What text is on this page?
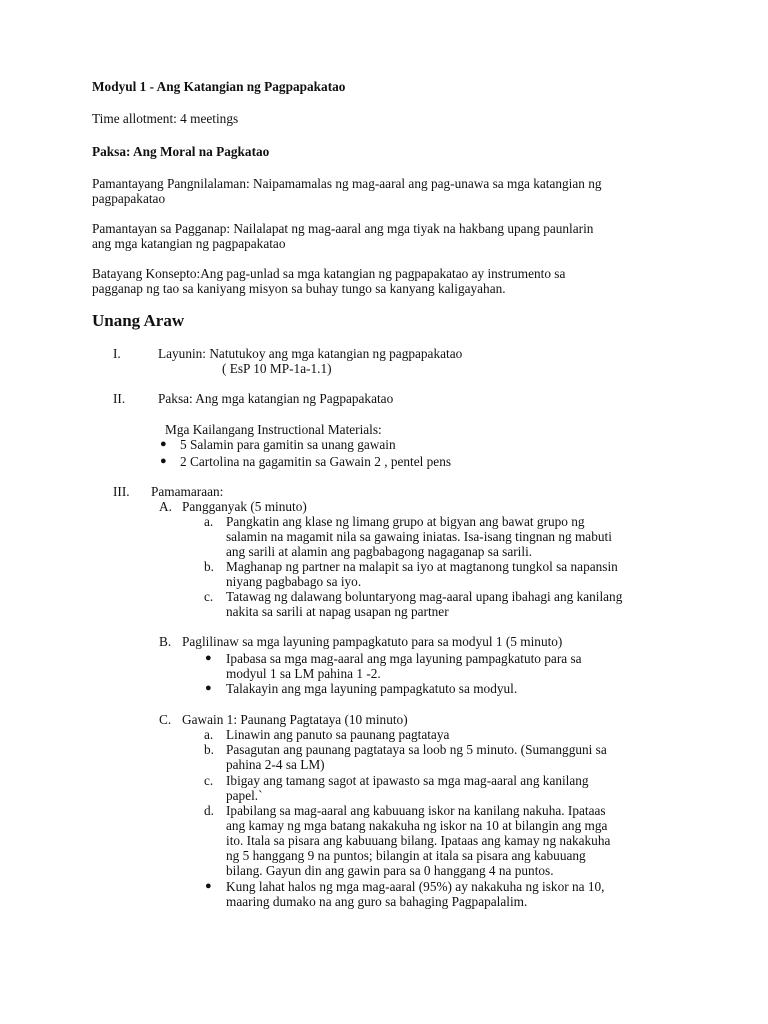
Modyul 1 - Ang Katangian ng Pagpapakatao
Time allotment: 4 meetings
Paksa: Ang Moral na Pagkatao
Pamantayang Pangnilalaman: Naipamamalas ng mag-aaral ang pag-unawa sa mga katangian ng
pagpapakatao
Pamantayan sa Pagganap: Nailalapat ng mag-aaral ang mga tiyak na hakbang upang paunlarin
ang mga katangian ng pagpapakatao
Batayang Konsepto:Ang pag-unlad sa mga katangian ng pagpapakatao ay instrumento sa
pagganap ng tao sa kaniyang misyon sa buhay tungo sa kanyang kaligayahan.
Unang Araw
I.	Layunin: Natutukoy ang mga katangian ng pagpapakatao
( EsP 10 MP-1a-1.1)
II. Paksa: Ang mga katangian ng Pagpapakatao
Mga Kailangang Instructional Materials:
● 5 Salamin para gamitin sa unang gawain
● 2 Cartolina na gagamitin sa Gawain 2 , pentel pens
III. Pamamaraan:
A. Pangganyak (5 minuto)
a. Pangkatin ang klase ng limang grupo at bigyan ang bawat grupo ng
salamin na magamit nila sa gawaing iniatas. Isa-isang tingnan ng mabuti
ang sarili at alamin ang pagbabagong nagaganap sa sarili.
b. Maghanap ng partner na malapit sa iyo at magtanong tungkol sa napansin
niyang pagbabago sa iyo.
c. Tatawag ng dalawang boluntaryong mag-aaral upang ibahagi ang kanilang
nakita sa sarili at napag usapan ng partner
B. Paglilinaw sa mga layuning pampagkatuto para sa modyul 1 (5 minuto)
● Ipabasa sa mga mag-aaral ang mga layuning pampagkatuto para sa
modyul 1 sa LM pahina 1 -2.
● Talakayin ang mga layuning pampagkatuto sa modyul.
C. Gawain 1: Paunang Pagtataya (10 minuto)
a. Linawin ang panuto sa paunang pagtataya
b. Pasagutan ang paunang pagtataya sa loob ng 5 minuto. (Sumangguni sa
pahina 2-4 sa LM)
c. Ibigay ang tamang sagot at ipawasto sa mga mag-aaral ang kanilang
papel.`
d. Ipabilang sa mag-aaral ang kabuuang iskor na kanilang nakuha. Ipataas
ang kamay ng mga batang nakakuha ng iskor na 10 at bilangin ang mga
ito. Itala sa pisara ang kabuuang bilang. Ipataas ang kamay ng nakakuha
ng 5 hanggang 9 na puntos; bilangin at itala sa pisara ang kabuuang
bilang. Gayun din ang gawin para sa 0 hanggang 4 na puntos.
● Kung lahat halos ng mga mag-aaral (95%) ay nakakuha ng iskor na 10,
maaring dumako na ang guro sa bahaging Pagpapalalim.
